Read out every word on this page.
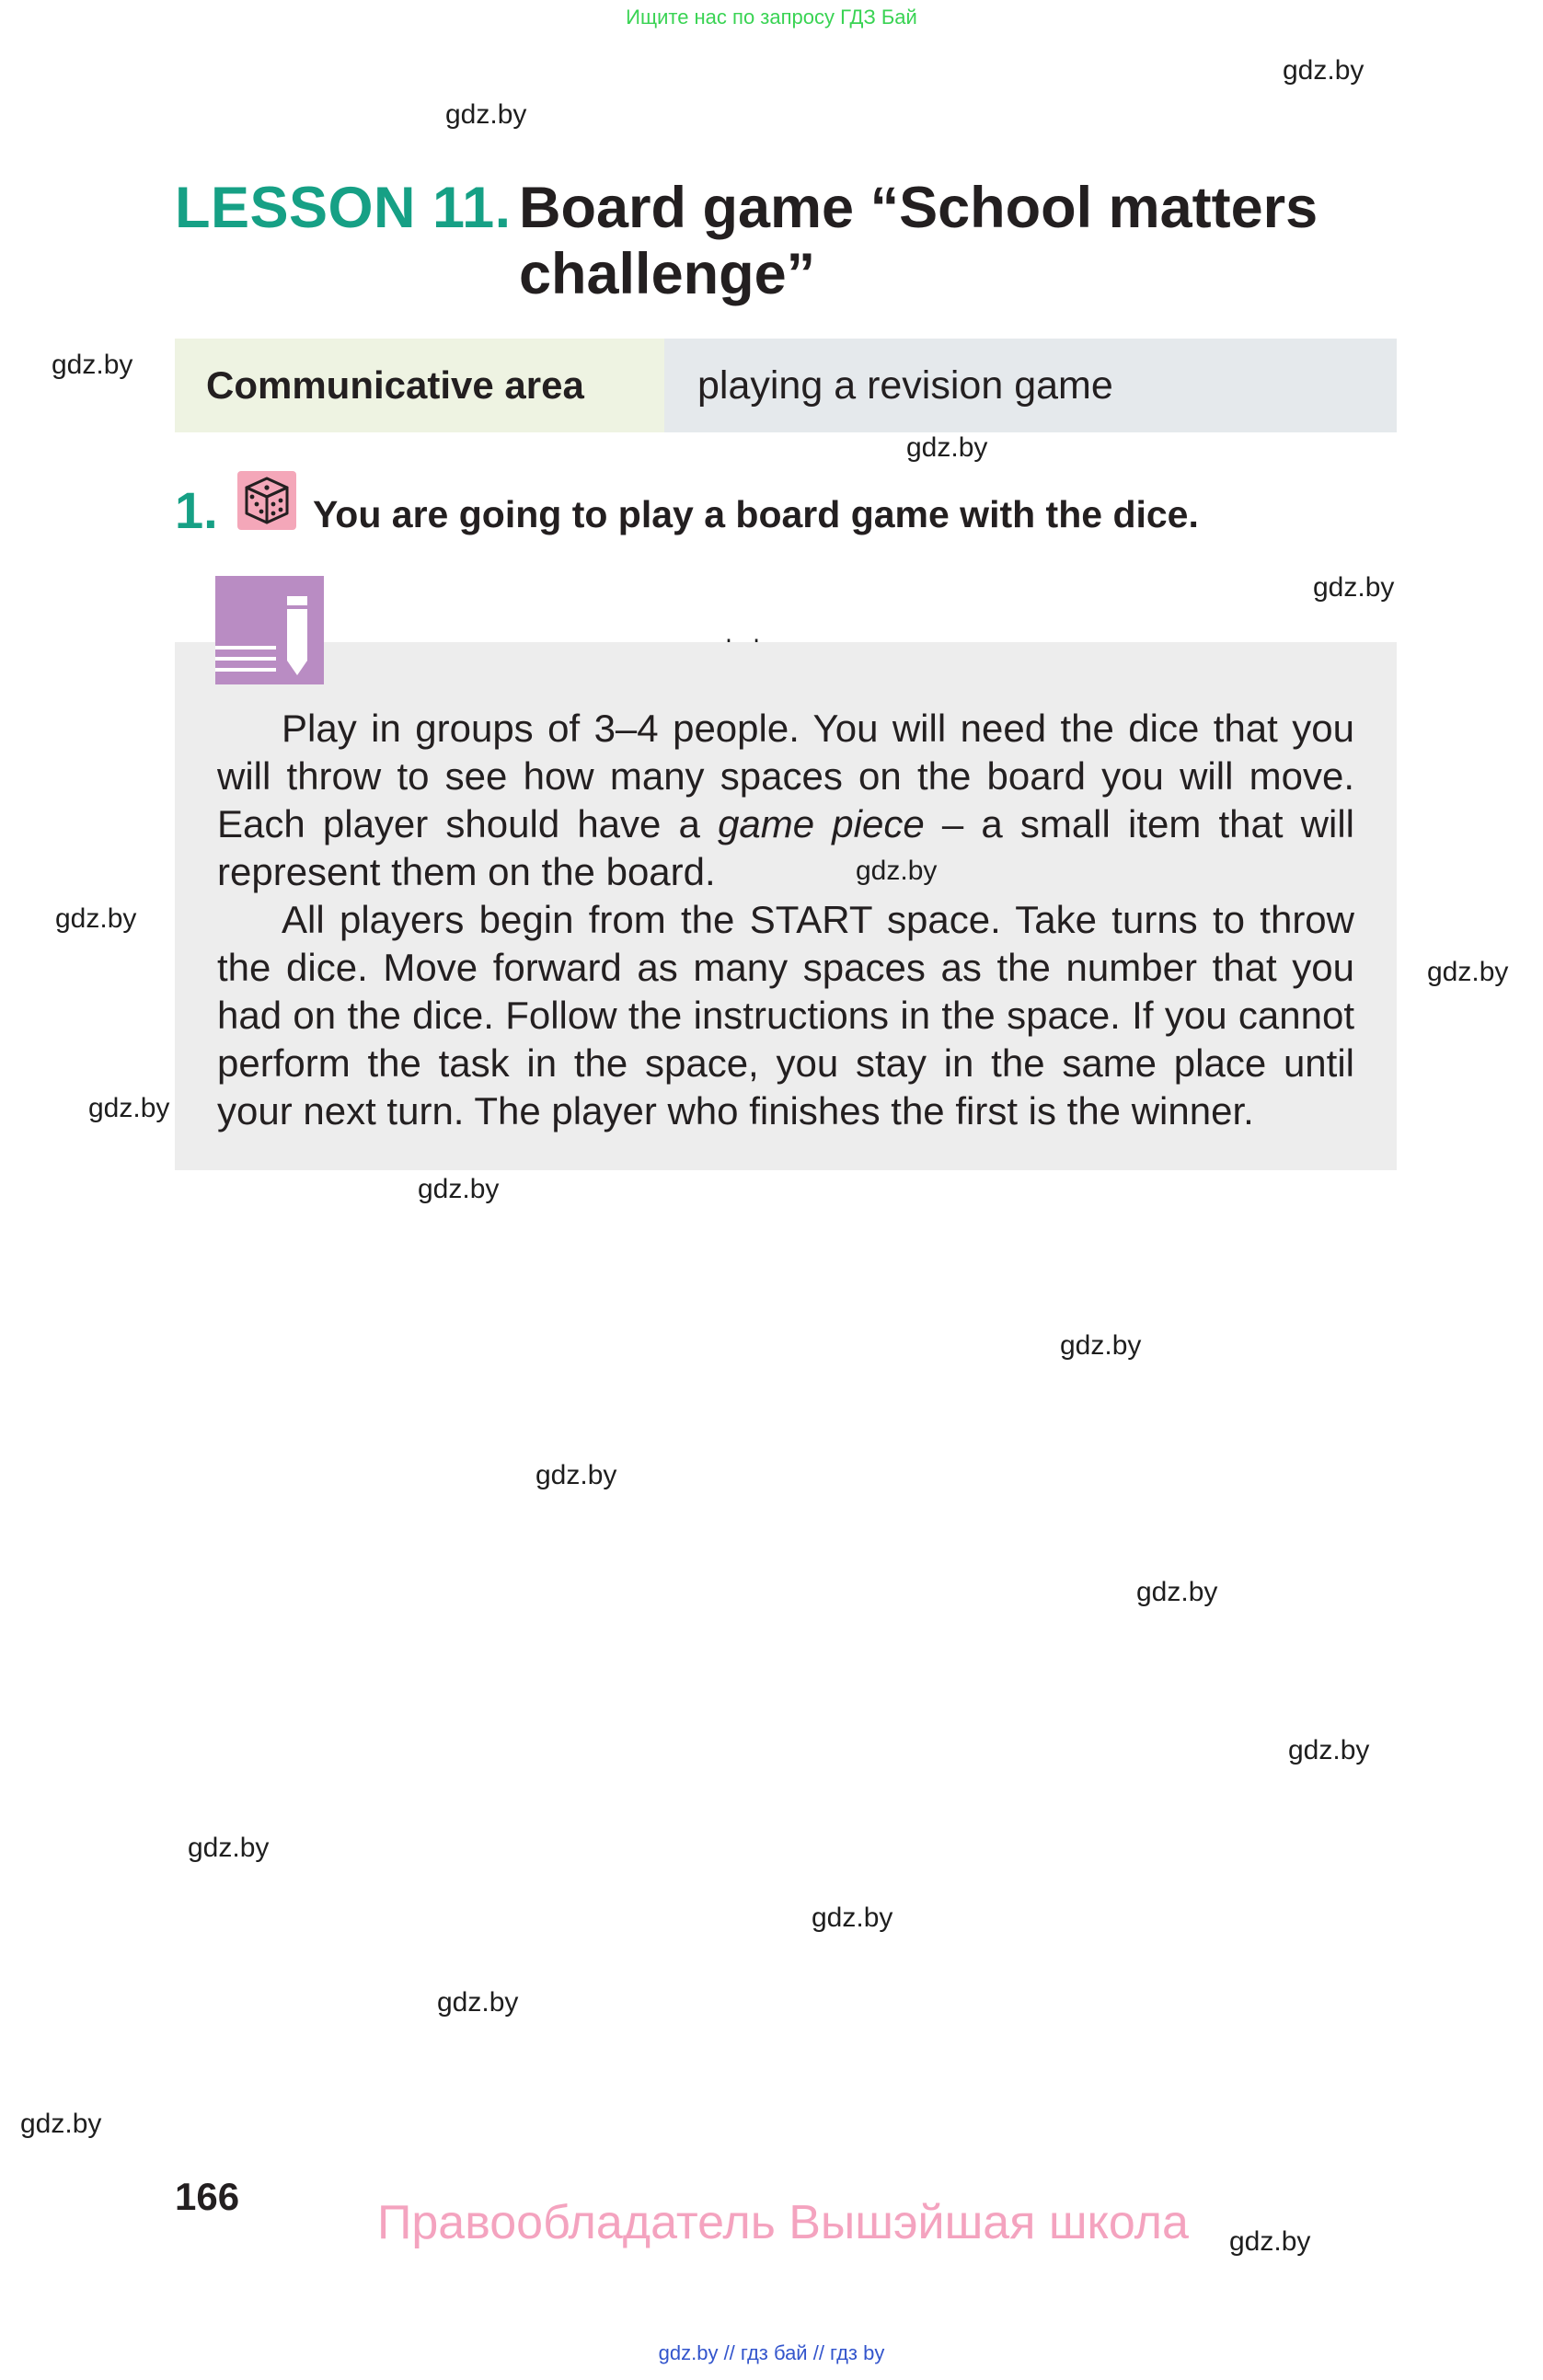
Ищите нас по запросу ГДЗ Бай
gdz.by
gdz.by
gdz.by
gdz.by
gdz.by
gdz.by
gdz.by
gdz.by
gdz.by
gdz.by
gdz.by
gdz.by
gdz.by
gdz.by
gdz.by
gdz.by
gdz.by
gdz.by
gdz.by
LESSON 11. Board game “School matters challenge”
Communicative area	playing a revision game
1.	You are going to play a board game with the dice.

Play in groups of 3–4 people. You will need the dice that you will throw to see how many spaces on the board you will move. Each player should have a game piece – a small item that will represent them on the board.

All players begin from the START space. Take turns to throw the dice. Move forward as many spaces as the number that you had on the dice. Follow the instructions in the space. If you cannot perform the task in the space, you stay in the same place until your next turn. The player who finishes the first is the winner.

166	Правообладатель Вышэйшая школа
gdz.by // гдз бай // гдз by
